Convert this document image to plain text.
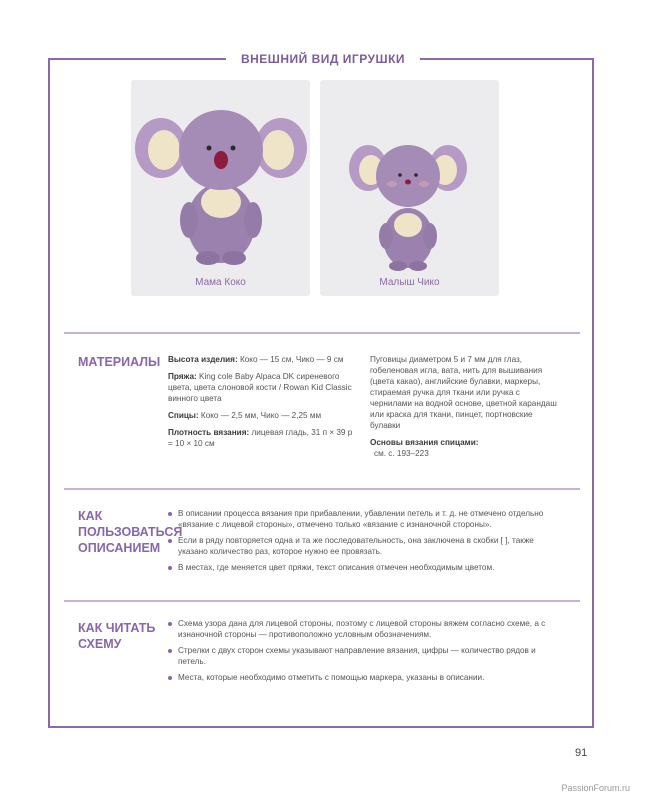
ВНЕШНИЙ ВИД ИГРУШКИ
Мама Коко	Малыш Чико
МАТЕРИАЛЫ Высота изделия: Коко — 15 см, Чико — 9 см

Пряжа: King cole Baby Alpaca DK сиреневого цвета, цвета слоновой кости / Rowan Kid Classic винного цвета

Спицы: Коко — 2,5 мм, Чико — 2,25 мм

Плотность вязания: лицевая гладь, 31 п × 39 р = 10 × 10 см

Пуговицы диаметром 5 и 7 мм для глаз, гобеленовая игла, вата, нить для вышивания (цвета какао), английские булавки, маркеры, стираемая ручка для ткани или ручка с чернилами на водной основе, цветной карандаш или краска для ткани, пинцет, портновские булавки

Основы вязания спицами:

см. с. 193–223

КАК ПОЛЬЗОВАТЬСЯ ОПИСАНИЕМ
В описании процесса вязания при прибавлении, убавлении петель и т. д. не отмечено отдельно «вязание с лицевой стороны», отмечено только «вязание с изнаночной стороны».
Если в ряду повторяется одна и та же последовательность, она заключена в скобки [ ], также указано количество раз, которое нужно ее провязать.
В местах, где меняется цвет пряжи, текст описания отмечен необходимым цветом.
КАК ЧИТАТЬ СХЕМУ
Схема узора дана для лицевой стороны, поэтому с лицевой стороны вяжем согласно схеме, а с изнаночной стороны — противоположно условным обозначениям.
Стрелки с двух сторон схемы указывают направление вязания, цифры — количество рядов и петель.
Места, которые необходимо отметить с помощью маркера, указаны в описании.
91
PassionForum.ru
